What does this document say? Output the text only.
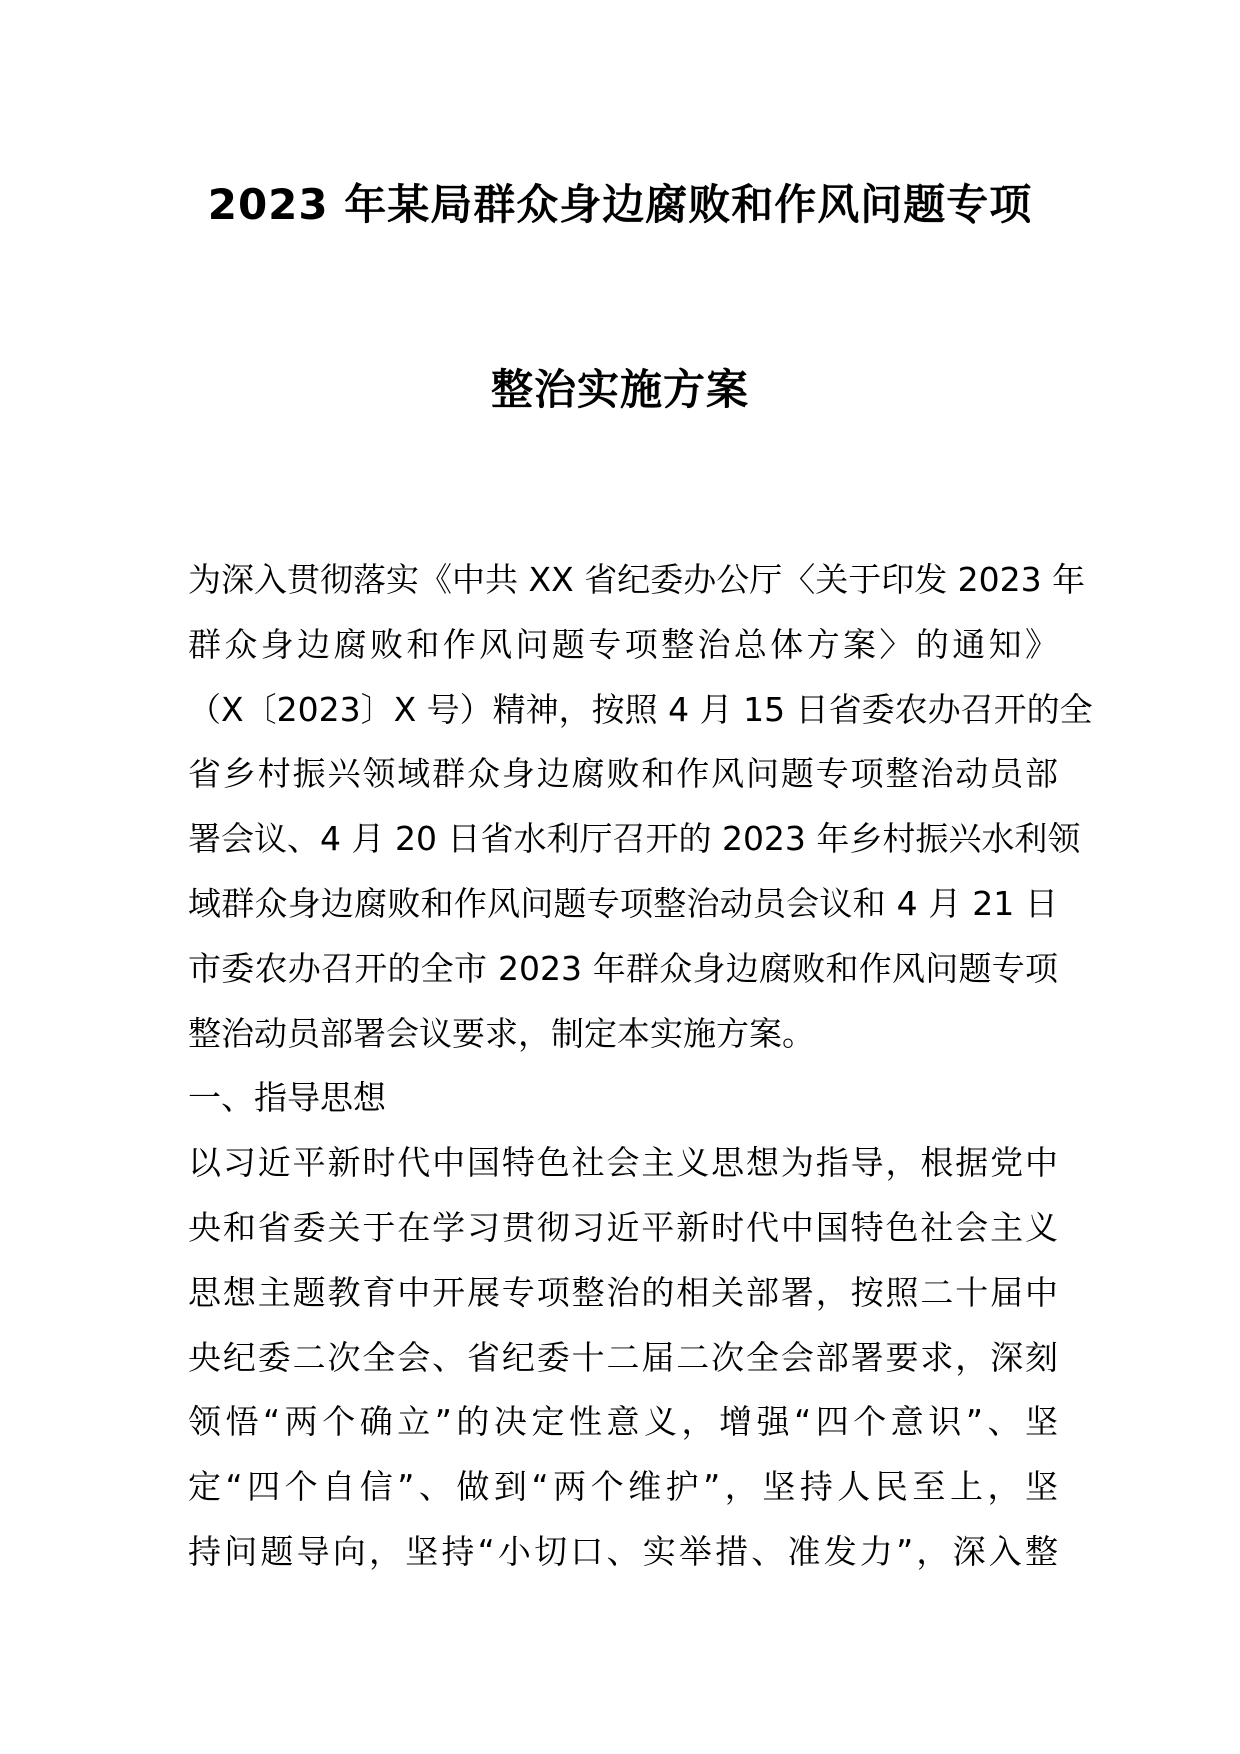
2023 年某局群众身边腐败和作风问题专项
整治实施方案
为深入贯彻落实《中共 XX 省纪委办公厅〈关于印发 2023 年
群众身边腐败和作风问题专项整治总体方案〉的通知》
（X〔2023〕X 号）精神，按照 4 月 15 日省委农办召开的全
省乡村振兴领域群众身边腐败和作风问题专项整治动员部
署会议、4 月 20 日省水利厅召开的 2023 年乡村振兴水利领
域群众身边腐败和作风问题专项整治动员会议和 4 月 21 日
市委农办召开的全市 2023 年群众身边腐败和作风问题专项
整治动员部署会议要求，制定本实施方案。
一、指导思想
以习近平新时代中国特色社会主义思想为指导，根据党中
央和省委关于在学习贯彻习近平新时代中国特色社会主义
思想主题教育中开展专项整治的相关部署，按照二十届中
央纪委二次全会、省纪委十二届二次全会部署要求，深刻
领悟“两个确立”的决定性意义，增强“四个意识”、坚
定“四个自信”、做到“两个维护”，坚持人民至上，坚
持问题导向，坚持“小切口、实举措、准发力”，深入整
